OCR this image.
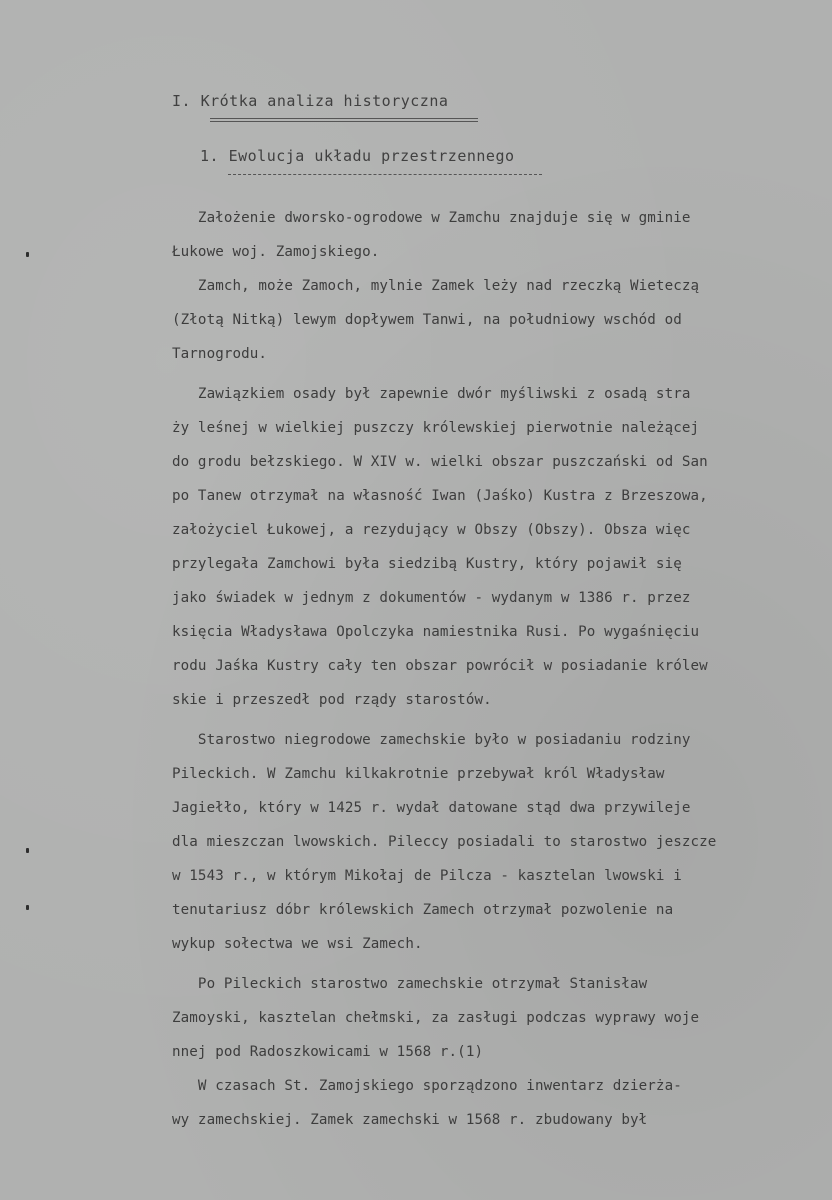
I. Krótka analiza historyczna
1. Ewolucja układu przestrzennego
Założenie dworsko-ogrodowe w Zamchu znajduje się w gminie
Łukowe woj. Zamojskiego.
Zamch, może Zamoch, mylnie Zamek leży nad rzeczką Wieteczą
(Złotą Nitką) lewym dopływem Tanwi, na południowy wschód od
Tarnogrodu.
Zawiązkiem osady był zapewnie dwór myśliwski z osadą stra
ży leśnej w wielkiej puszczy królewskiej pierwotnie należącej
do grodu bełzskiego. W XIV w. wielki obszar puszczański od San
po Tanew otrzymał na własność Iwan (Jaśko) Kustra z Brzeszowa,
założyciel Łukowej, a rezydujący w Obszy (Obszy). Obsza więc
przylegała Zamchowi była siedzibą Kustry, który pojawił się
jako świadek w jednym z dokumentów - wydanym w 1386 r. przez
księcia Władysława Opolczyka namiestnika Rusi. Po wygaśnięciu
rodu Jaśka Kustry cały ten obszar powrócił w posiadanie królew
skie i przeszedł pod rządy starostów.
Starostwo niegrodowe zamechskie było w posiadaniu rodziny
Pileckich. W Zamchu kilkakrotnie przebywał król Władysław
Jagiełło, który w 1425 r. wydał datowane stąd dwa przywileje
dla mieszczan lwowskich. Pileccy posiadali to starostwo jeszcze
w 1543 r., w którym Mikołaj de Pilcza - kasztelan lwowski i
tenutariusz dóbr królewskich Zamech otrzymał pozwolenie na
wykup sołectwa we wsi Zamech.
Po Pileckich starostwo zamechskie otrzymał Stanisław
Zamoyski, kasztelan chełmski, za zasługi podczas wyprawy woje
nnej pod Radoszkowicami w 1568 r.(1)
W czasach St. Zamojskiego sporządzono inwentarz dzierża-
wy zamechskiej. Zamek zamechski w 1568 r. zbudowany był
